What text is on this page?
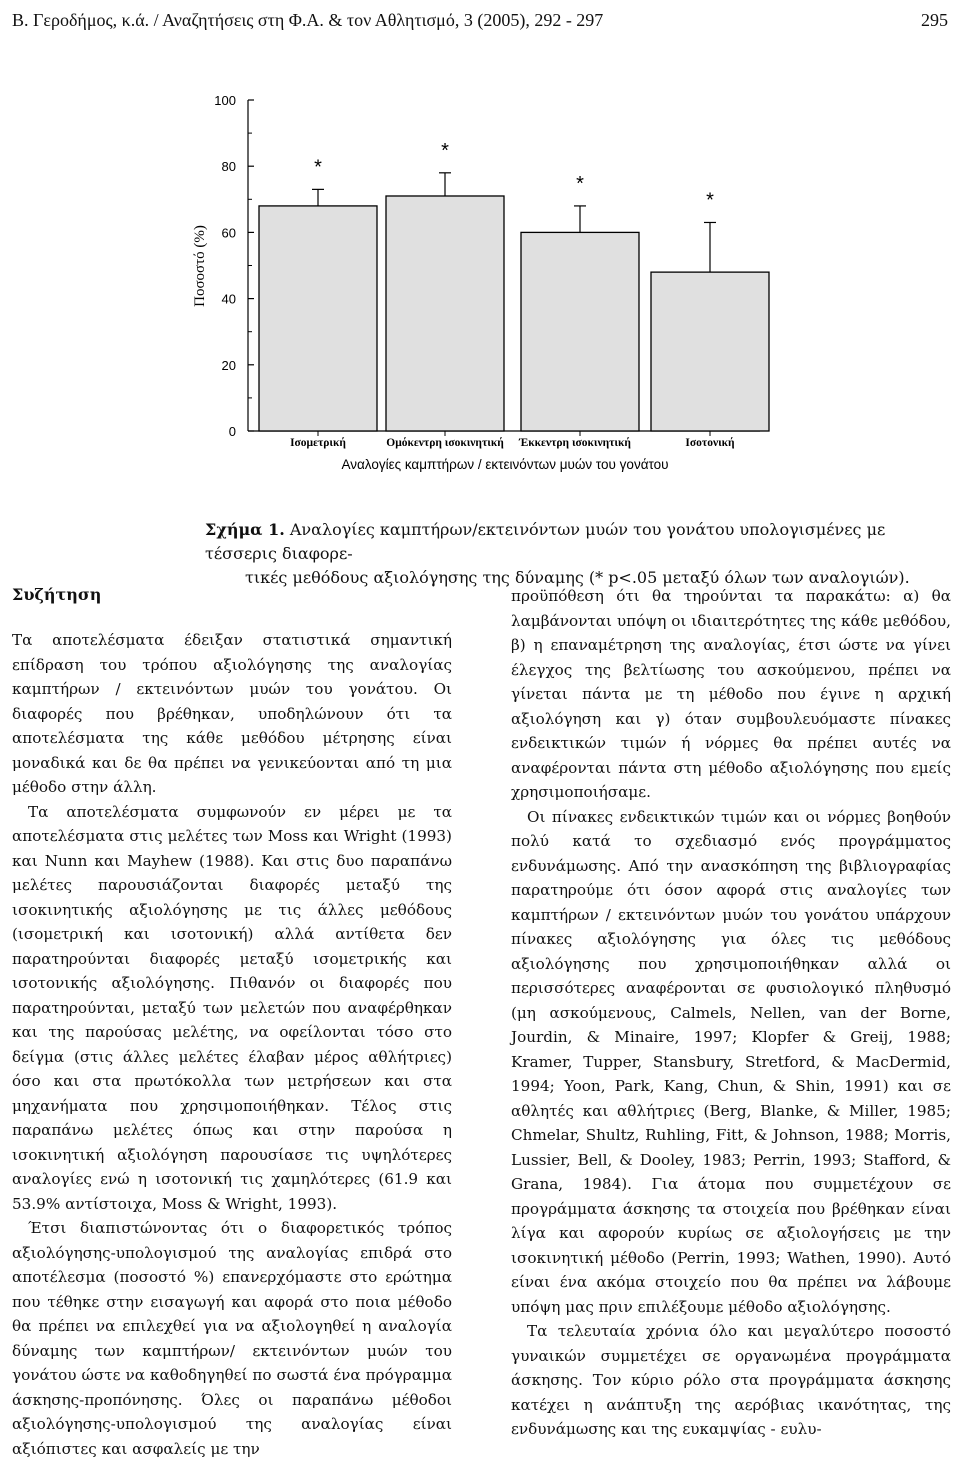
Β. Γεροδήμος, κ.ά. / Αναζητήσεις στη Φ.Α. & τον Αθλητισμό, 3 (2005), 292 - 297	295
0
20
40
60
80
100
Ποσοστό (%)
*
*
*
*
Ισομετρική	Ομόκεντρη ισοκινητική Έκκεντρη ισοκινητική	Ισοτονική
Αναλογίες καμπτήρων / εκτεινόντων μυών του γονάτου
Σχήμα 1. Αναλογίες καμπτήρων/εκτεινόντων μυών του γονάτου υπολογισμένες με τέσσερις διαφορε-
τικές μεθόδους αξιολόγησης της δύναμης (* p<.05 μεταξύ όλων των αναλογιών).
Συζήτηση

Τα αποτελέσματα έδειξαν στατιστικά σημαντική επίδραση του τρόπου αξιολόγησης της αναλογίας καμπτήρων / εκτεινόντων μυών του γονάτου. Οι διαφορές που βρέθηκαν, υποδηλώνουν ότι τα αποτελέσματα της κάθε μεθόδου μέτρησης είναι μοναδικά και δε θα πρέπει να γενικεύονται από τη μια μέθοδο στην άλλη.

Τα αποτελέσματα συμφωνούν εν μέρει με τα αποτελέσματα στις μελέτες των Moss και Wright (1993) και Nunn και Mayhew (1988). Και στις δυο παραπάνω μελέτες παρουσιάζονται διαφορές μεταξύ της ισοκινητικής αξιολόγησης με τις άλλες μεθόδους (ισομετρική και ισοτονική) αλλά αντίθετα δεν παρατηρούνται διαφορές μεταξύ ισομετρικής και ισοτονικής αξιολόγησης. Πιθανόν οι διαφορές που παρατηρούνται, μεταξύ των μελετών που αναφέρθηκαν και της παρούσας μελέτης, να οφείλονται τόσο στο δείγμα (στις άλλες μελέτες έλαβαν μέρος αθλήτριες) όσο και στα πρωτόκολλα των μετρήσεων και στα μηχανήματα που χρησιμοποιήθηκαν. Τέλος στις παραπάνω μελέτες όπως και στην παρούσα η ισοκινητική αξιολόγηση παρουσίασε τις υψηλότερες αναλογίες ενώ η ισοτονική τις χαμηλότερες (61.9 και 53.9% αντίστοιχα, Moss & Wright, 1993).

Έτσι διαπιστώνοντας ότι ο διαφορετικός τρόπος αξιολόγησης-υπολογισμού της αναλογίας επιδρά στο αποτέλεσμα (ποσοστό %) επανερχόμαστε στο ερώτημα που τέθηκε στην εισαγωγή και αφορά στο ποια μέθοδο θα πρέπει να επιλεχθεί για να αξιολογηθεί η αναλογία δύναμης των καμπτήρων/ εκτεινόντων μυών του γονάτου ώστε να καθοδηγηθεί πο σωστά ένα πρόγραμμα άσκησης-προπόνησης. Όλες οι παραπάνω μέθοδοι αξιολόγησης-υπολογισμού της αναλογίας είναι αξιόπιστες και ασφαλείς με την

προϋπόθεση ότι θα τηρούνται τα παρακάτω: α) θα λαμβάνονται υπόψη οι ιδιαιτερότητες της κάθε μεθόδου, β) η επαναμέτρηση της αναλογίας, έτσι ώστε να γίνει έλεγχος της βελτίωσης του ασκούμενου, πρέπει να γίνεται πάντα με τη μέθοδο που έγινε η αρχική αξιολόγηση και γ) όταν συμβουλευόμαστε πίνακες ενδεικτικών τιμών ή νόρμες θα πρέπει αυτές να αναφέρονται πάντα στη μέθοδο αξιολόγησης που εμείς χρησιμοποιήσαμε.

Οι πίνακες ενδεικτικών τιμών και οι νόρμες βοηθούν πολύ κατά το σχεδιασμό ενός προγράμματος ενδυνάμωσης. Από την ανασκόπηση της βιβλιογραφίας παρατηρούμε ότι όσον αφορά στις αναλογίες των καμπτήρων / εκτεινόντων μυών του γονάτου υπάρχουν πίνακες αξιολόγησης για όλες τις μεθόδους αξιολόγησης που χρησιμοποιήθηκαν αλλά οι περισσότερες αναφέρονται σε φυσιολογικό πληθυσμό (μη ασκούμενους, Calmels, Nellen, van der Borne, Jourdin, & Minaire, 1997; Klopfer & Greij, 1988; Kramer, Tupper, Stansbury, Stretford, & MacDermid, 1994; Yoon, Park, Kang, Chun, & Shin, 1991) και σε αθλητές και αθλήτριες (Berg, Blanke, & Miller, 1985; Chmelar, Shultz, Ruhling, Fitt, & Johnson, 1988; Morris, Lussier, Bell, & Dooley, 1983; Perrin, 1993; Stafford, & Grana, 1984). Για άτομα που συμμετέχουν σε προγράμματα άσκησης τα στοιχεία που βρέθηκαν είναι λίγα και αφορούν κυρίως σε αξιολογήσεις με την ισοκινητική μέθοδο (Perrin, 1993; Wathen, 1990). Αυτό είναι ένα ακόμα στοιχείο που θα πρέπει να λάβουμε υπόψη μας πριν επιλέξουμε μέθοδο αξιολόγησης.

Τα τελευταία χρόνια όλο και μεγαλύτερο ποσοστό γυναικών συμμετέχει σε οργανωμένα προγράμματα άσκησης. Τον κύριο ρόλο στα προγράμματα άσκησης κατέχει η ανάπτυξη της αερόβιας ικανότητας, της ενδυνάμωσης και της ευκαμψίας - ευλυ-
